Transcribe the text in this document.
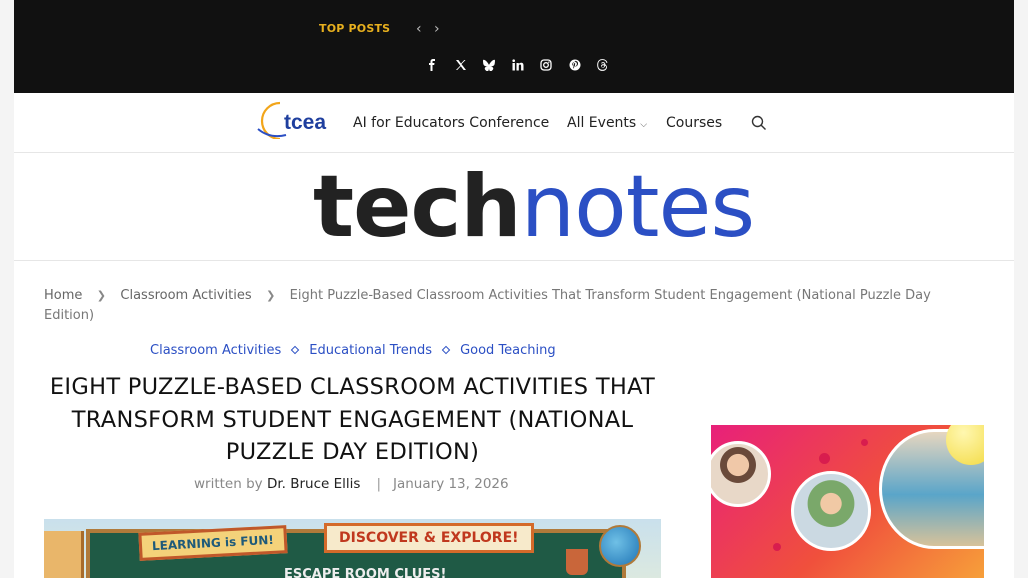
TOP POSTS ‹ ›
tcea AI for Educators Conference All Events ⌵ Courses
technotes
Home ❯ Classroom Activities ❯ Eight Puzzle-Based Classroom Activities That Transform Student Engagement (National Puzzle Day Edition)
Classroom Activities Educational Trends Good Teaching
EIGHT PUZZLE-BASED CLASSROOM ACTIVITIES THAT TRANSFORM STUDENT ENGAGEMENT (NATIONAL PUZZLE DAY EDITION)
written by Dr. Bruce Ellis | January 13, 2026
LEARNING is FUN!	DISCOVER & EXPLORE!
ESCAPE ROOM CLUES!
